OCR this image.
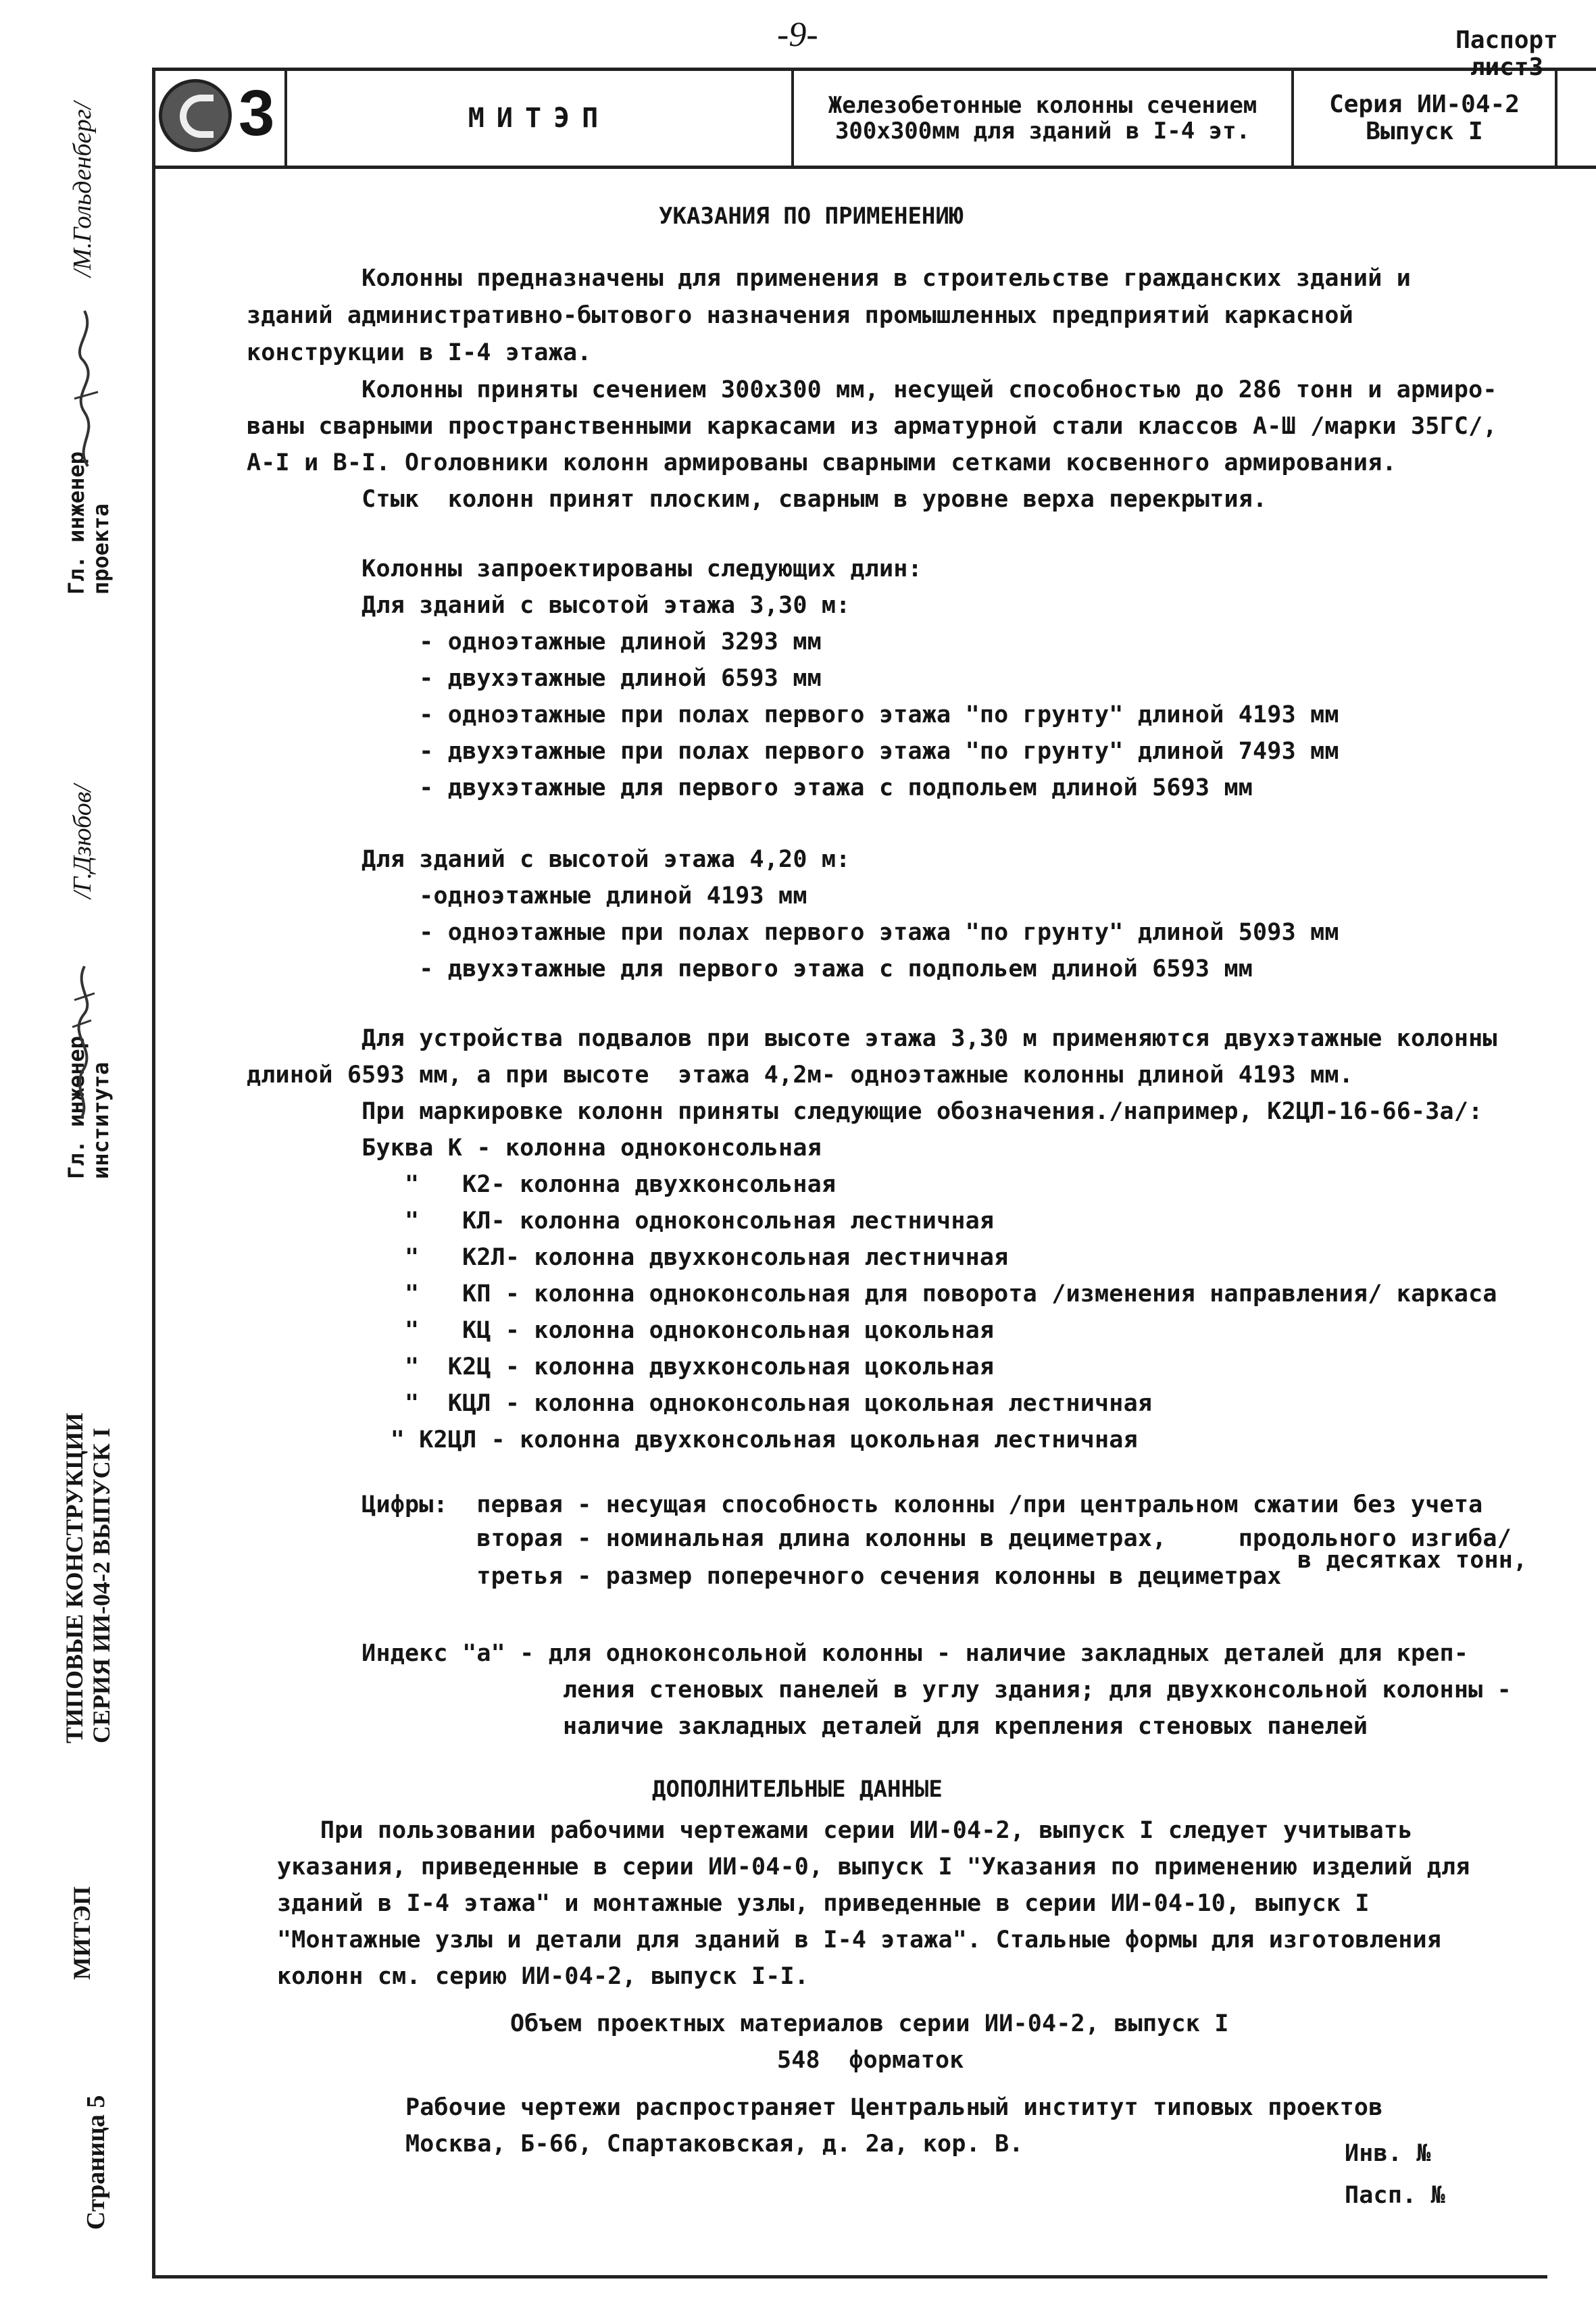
-9-
3	МИТЭП	Железобетонные колонны сечением
300х300мм для зданий в I-4 эт.
Серия ИИ-04-2
Выпуск I
Паспорт
лист3
Гл. инженер
проекта
/М.Гольденберг/
Гл. инженер
института
/Г.Дзюбов/
ТИПОВЫЕ КОНСТРУКЦИИ СЕРИЯ ИИ-04-2 ВЫПУСК I
МИТЭП
Страница 5
УКАЗАНИЯ ПО ПРИМЕНЕНИЮ
Колонны предназначены для применения в строительстве гражданских зданий и
зданий административно-бытового назначения промышленных предприятий каркасной
конструкции в I-4 этажа.
Колонны приняты сечением 300х300 мм, несущей способностью до 286 тонн и армиро-
ваны сварными пространственными каркасами из арматурной стали классов А-Ш /марки 35ГС/,
А-I и В-I. Оголовники колонн армированы сварными сетками косвенного армирования.
Стык  колонн принят плоским, сварным в уровне верха перекрытия.
Колонны запроектированы следующих длин:
Для зданий с высотой этажа 3,30 м:
- одноэтажные длиной 3293 мм
- двухэтажные длиной 6593 мм
- одноэтажные при полах первого этажа "по грунту" длиной 4193 мм
- двухэтажные при полах первого этажа "по грунту" длиной 7493 мм
- двухэтажные для первого этажа с подпольем длиной 5693 мм
Для зданий с высотой этажа 4,20 м:
-одноэтажные длиной 4193 мм
- одноэтажные при полах первого этажа "по грунту" длиной 5093 мм
- двухэтажные для первого этажа с подпольем длиной 6593 мм
Для устройства подвалов при высоте этажа 3,30 м применяются двухэтажные колонны
длиной 6593 мм, а при высоте  этажа 4,2м- одноэтажные колонны длиной 4193 мм.
При маркировке колонн приняты следующие обозначения./например, К2ЦЛ-16-66-3а/:
Буква К - колонна одноконсольная
"   К2- колонна двухконсольная
"   КЛ- колонна одноконсольная лестничная
"   К2Л- колонна двухконсольная лестничная
"   КП - колонна одноконсольная для поворота /изменения направления/ каркаса
"   КЦ - колонна одноконсольная цокольная
"  К2Ц - колонна двухконсольная цокольная
"  КЦЛ - колонна одноконсольная цокольная лестничная
" К2ЦЛ - колонна двухконсольная цокольная лестничная
Цифры:  первая - несущая способность колонны /при центральном сжатии без учета
вторая - номинальная длина колонны в дециметрах,     продольного изгиба/
в десятках тонн,
третья - размер поперечного сечения колонны в дециметрах
Индекс "а" - для одноконсольной колонны - наличие закладных деталей для креп-
ления стеновых панелей в углу здания; для двухконсольной колонны -
наличие закладных деталей для крепления стеновых панелей
ДОПОЛНИТЕЛЬНЫЕ ДАННЫЕ
При пользовании рабочими чертежами серии ИИ-04-2, выпуск I следует учитывать
указания, приведенные в серии ИИ-04-0, выпуск I "Указания по применению изделий для
зданий в I-4 этажа" и монтажные узлы, приведенные в серии ИИ-04-10, выпуск I
"Монтажные узлы и детали для зданий в I-4 этажа". Стальные формы для изготовления
колонн см. серию ИИ-04-2, выпуск I-I.
Объем проектных материалов серии ИИ-04-2, выпуск I
548  форматок
Рабочие чертежи распространяет Центральный институт типовых проектов
Москва, Б-66, Спартаковская, д. 2а, кор. В.	Инв. №
Пасп. №
